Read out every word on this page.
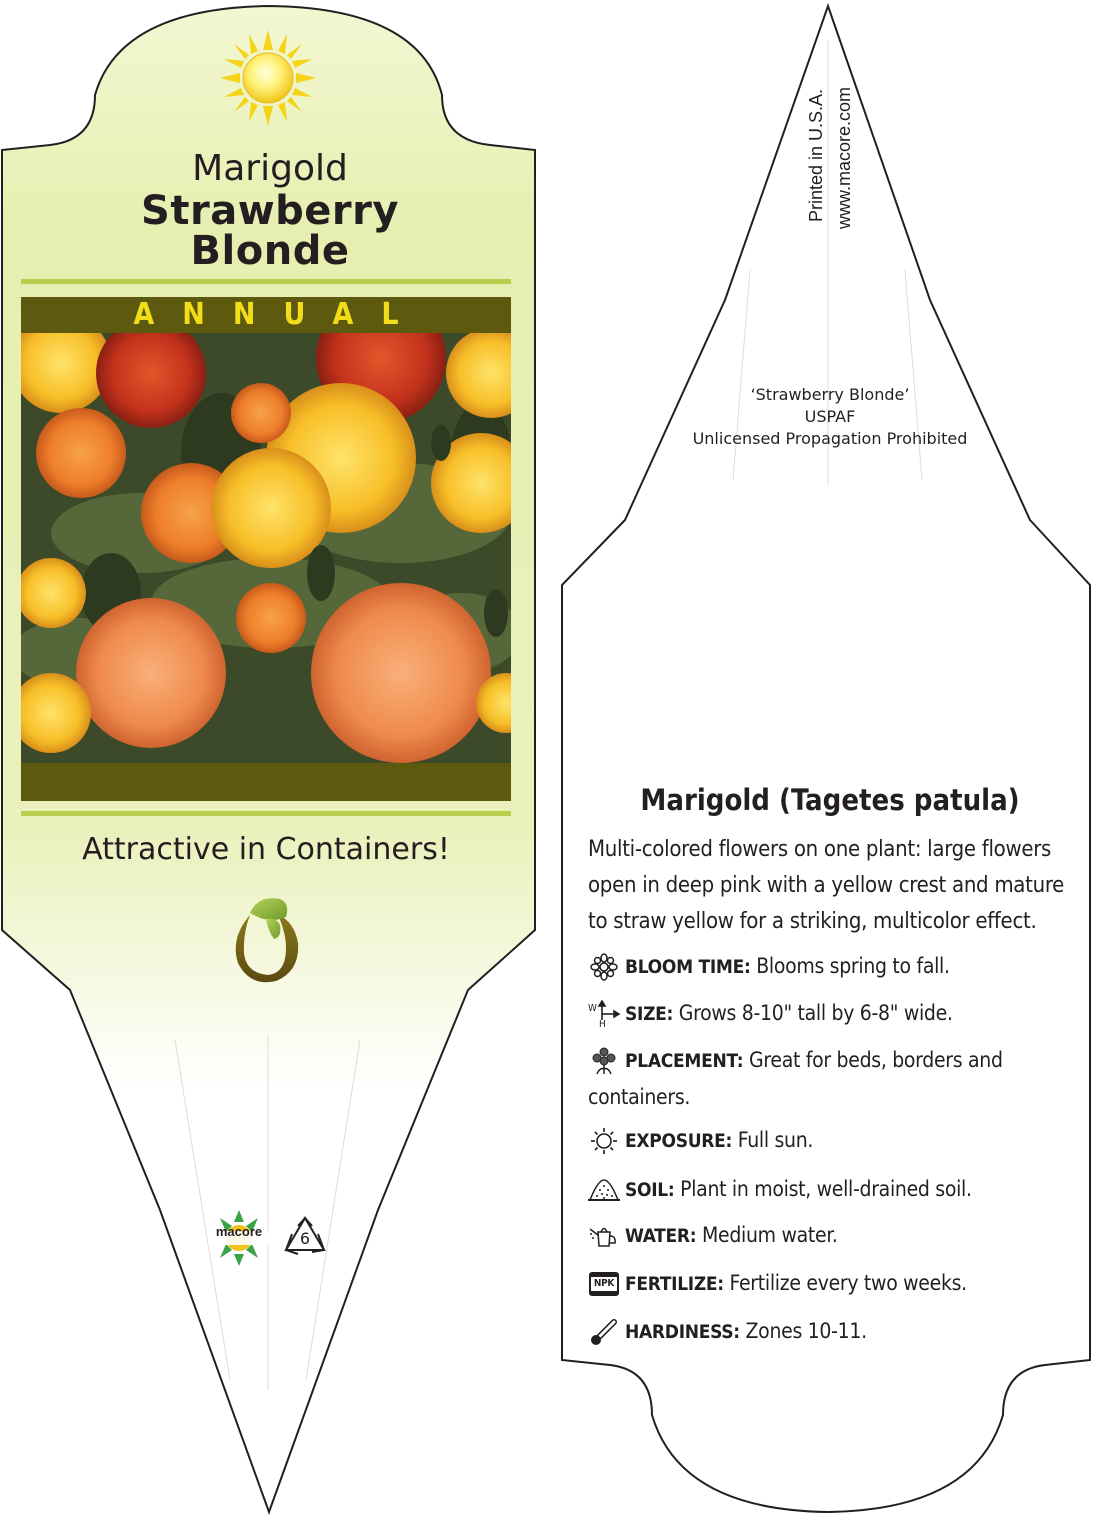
Marigold
Strawberry
Blonde
ANNUAL
Attractive in Containers!
macore	6
Printed in U.S.A. www.macore.com
‘Strawberry Blonde’
USPAF
Unlicensed Propagation Prohibited
Marigold (Tagetes patula)
Multi-colored flowers on one plant: large flowers open in deep pink with a yellow crest and mature to straw yellow for a striking, multicolor effect.
BLOOM TIME: Blooms spring to fall.
W
H SIZE: Grows 8-10" tall by 6-8" wide.
PLACEMENT: Great for beds, borders and containers.
EXPOSURE: Full sun.
SOIL: Plant in moist, well-drained soil.
WATER: Medium water.
NPK FERTILIZE: Fertilize every two weeks.
HARDINESS: Zones 10-11.
